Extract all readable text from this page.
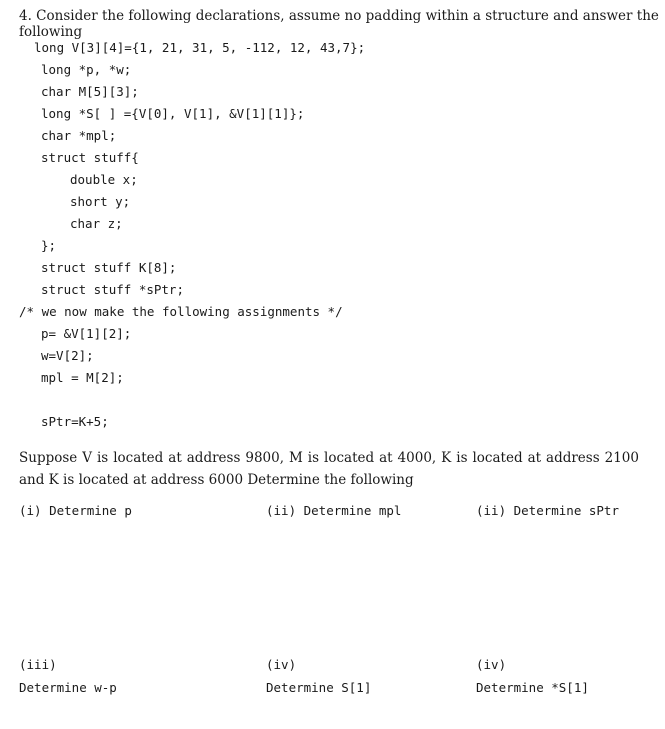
4. Consider the following declarations, assume no padding within a structure and answer the following
long V[3][4]={1, 21, 31, 5, -112, 12, 43,7};
long *p, *w;
char M[5][3];
long *S[ ] ={V[0], V[1], &V[1][1]};
char *mpl;
struct stuff{
double x;
short y;
char z;
};
struct stuff K[8];
struct stuff *sPtr;
/* we now make the following assignments */
p= &V[1][2];
w=V[2];
mpl = M[2];
sPtr=K+5;
Suppose V is located at address 9800, M is located at 4000, K is located at address 2100 and K is located at address 6000 Determine the following
(i) Determine p	(ii) Determine mpl	(ii) Determine sPtr
(iii)
Determine w-p
(iv)
Determine S[1]
(iv)
Determine *S[1]
